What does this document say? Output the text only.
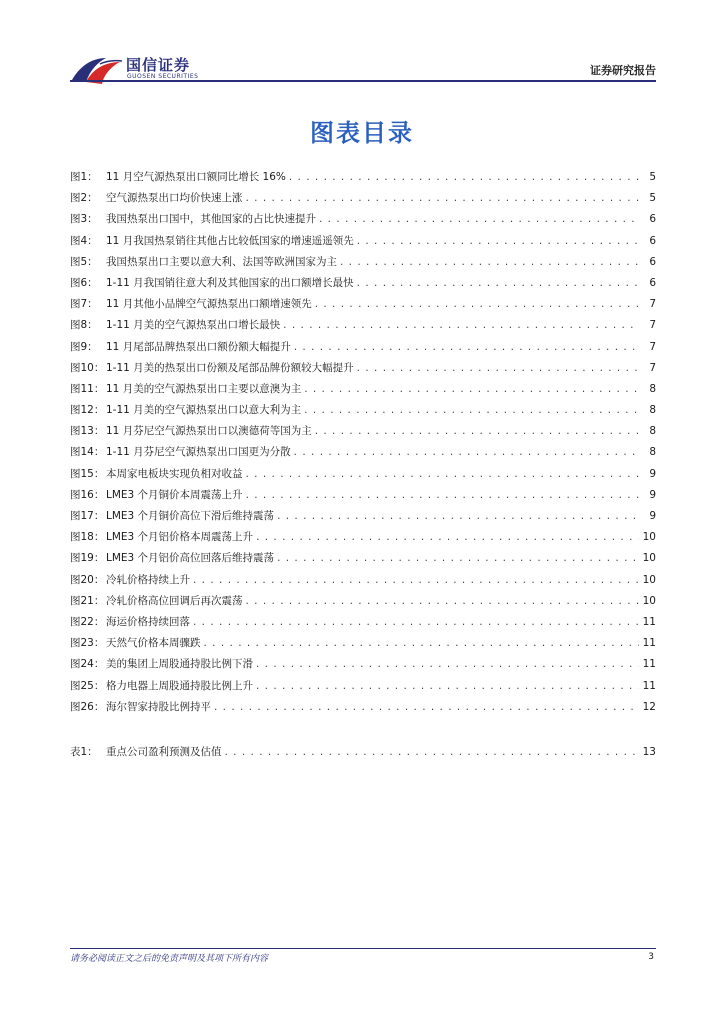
国信证券
GUOSEN SECURITIES	证券研究报告
图表目录
图1： 11 月空气源热泵出口额同比增长 16% . . .	5
图2： 空气源热泵出口均价快速上涨 . . .	5
图3： 我国热泵出口国中，其他国家的占比快速提升 . . .	6
图4： 11 月我国热泵销往其他占比较低国家的增速遥遥领先 . . .	6
图5： 我国热泵出口主要以意大利、法国等欧洲国家为主 . . .	6
图6： 1-11 月我国销往意大利及其他国家的出口额增长最快 . . .	6
图7： 11 月其他小品牌空气源热泵出口额增速领先 . . .	7
图8： 1-11 月美的空气源热泵出口增长最快 . . .	7
图9： 11 月尾部品牌热泵出口额份额大幅提升 . . .	7
图10： 1-11 月美的热泵出口份额及尾部品牌份额较大幅提升 . . .	7
图11： 11 月美的空气源热泵出口主要以意澳为主 . . .	8
图12： 1-11 月美的空气源热泵出口以意大利为主 . . .	8
图13： 11 月芬尼空气源热泵出口以澳德荷等国为主 . . .	8
图14： 1-11 月芬尼空气源热泵出口国更为分散 . . .	8
图15： 本周家电板块实现负相对收益 . . .	9
图16： LME3 个月铜价本周震荡上升 . . .	9
图17： LME3 个月铜价高位下滑后维持震荡 . . .	9
图18： LME3 个月铝价格本周震荡上升 . . .	10
图19： LME3 个月铝价高位回落后维持震荡 . . .	10
图20： 冷轧价格持续上升 . . .	10
图21： 冷轧价格高位回调后再次震荡 . . .	10
图22： 海运价格持续回落 . . .	11
图23： 天然气价格本周骤跌 . . .	11
图24： 美的集团上周股通持股比例下滑 . . .	11
图25： 格力电器上周股通持股比例上升 . . .	11
图26： 海尔智家持股比例持平 . . .	12
表1： 重点公司盈利预测及估值 . . .	13
请务必阅读正文之后的免责声明及其项下所有内容	3
